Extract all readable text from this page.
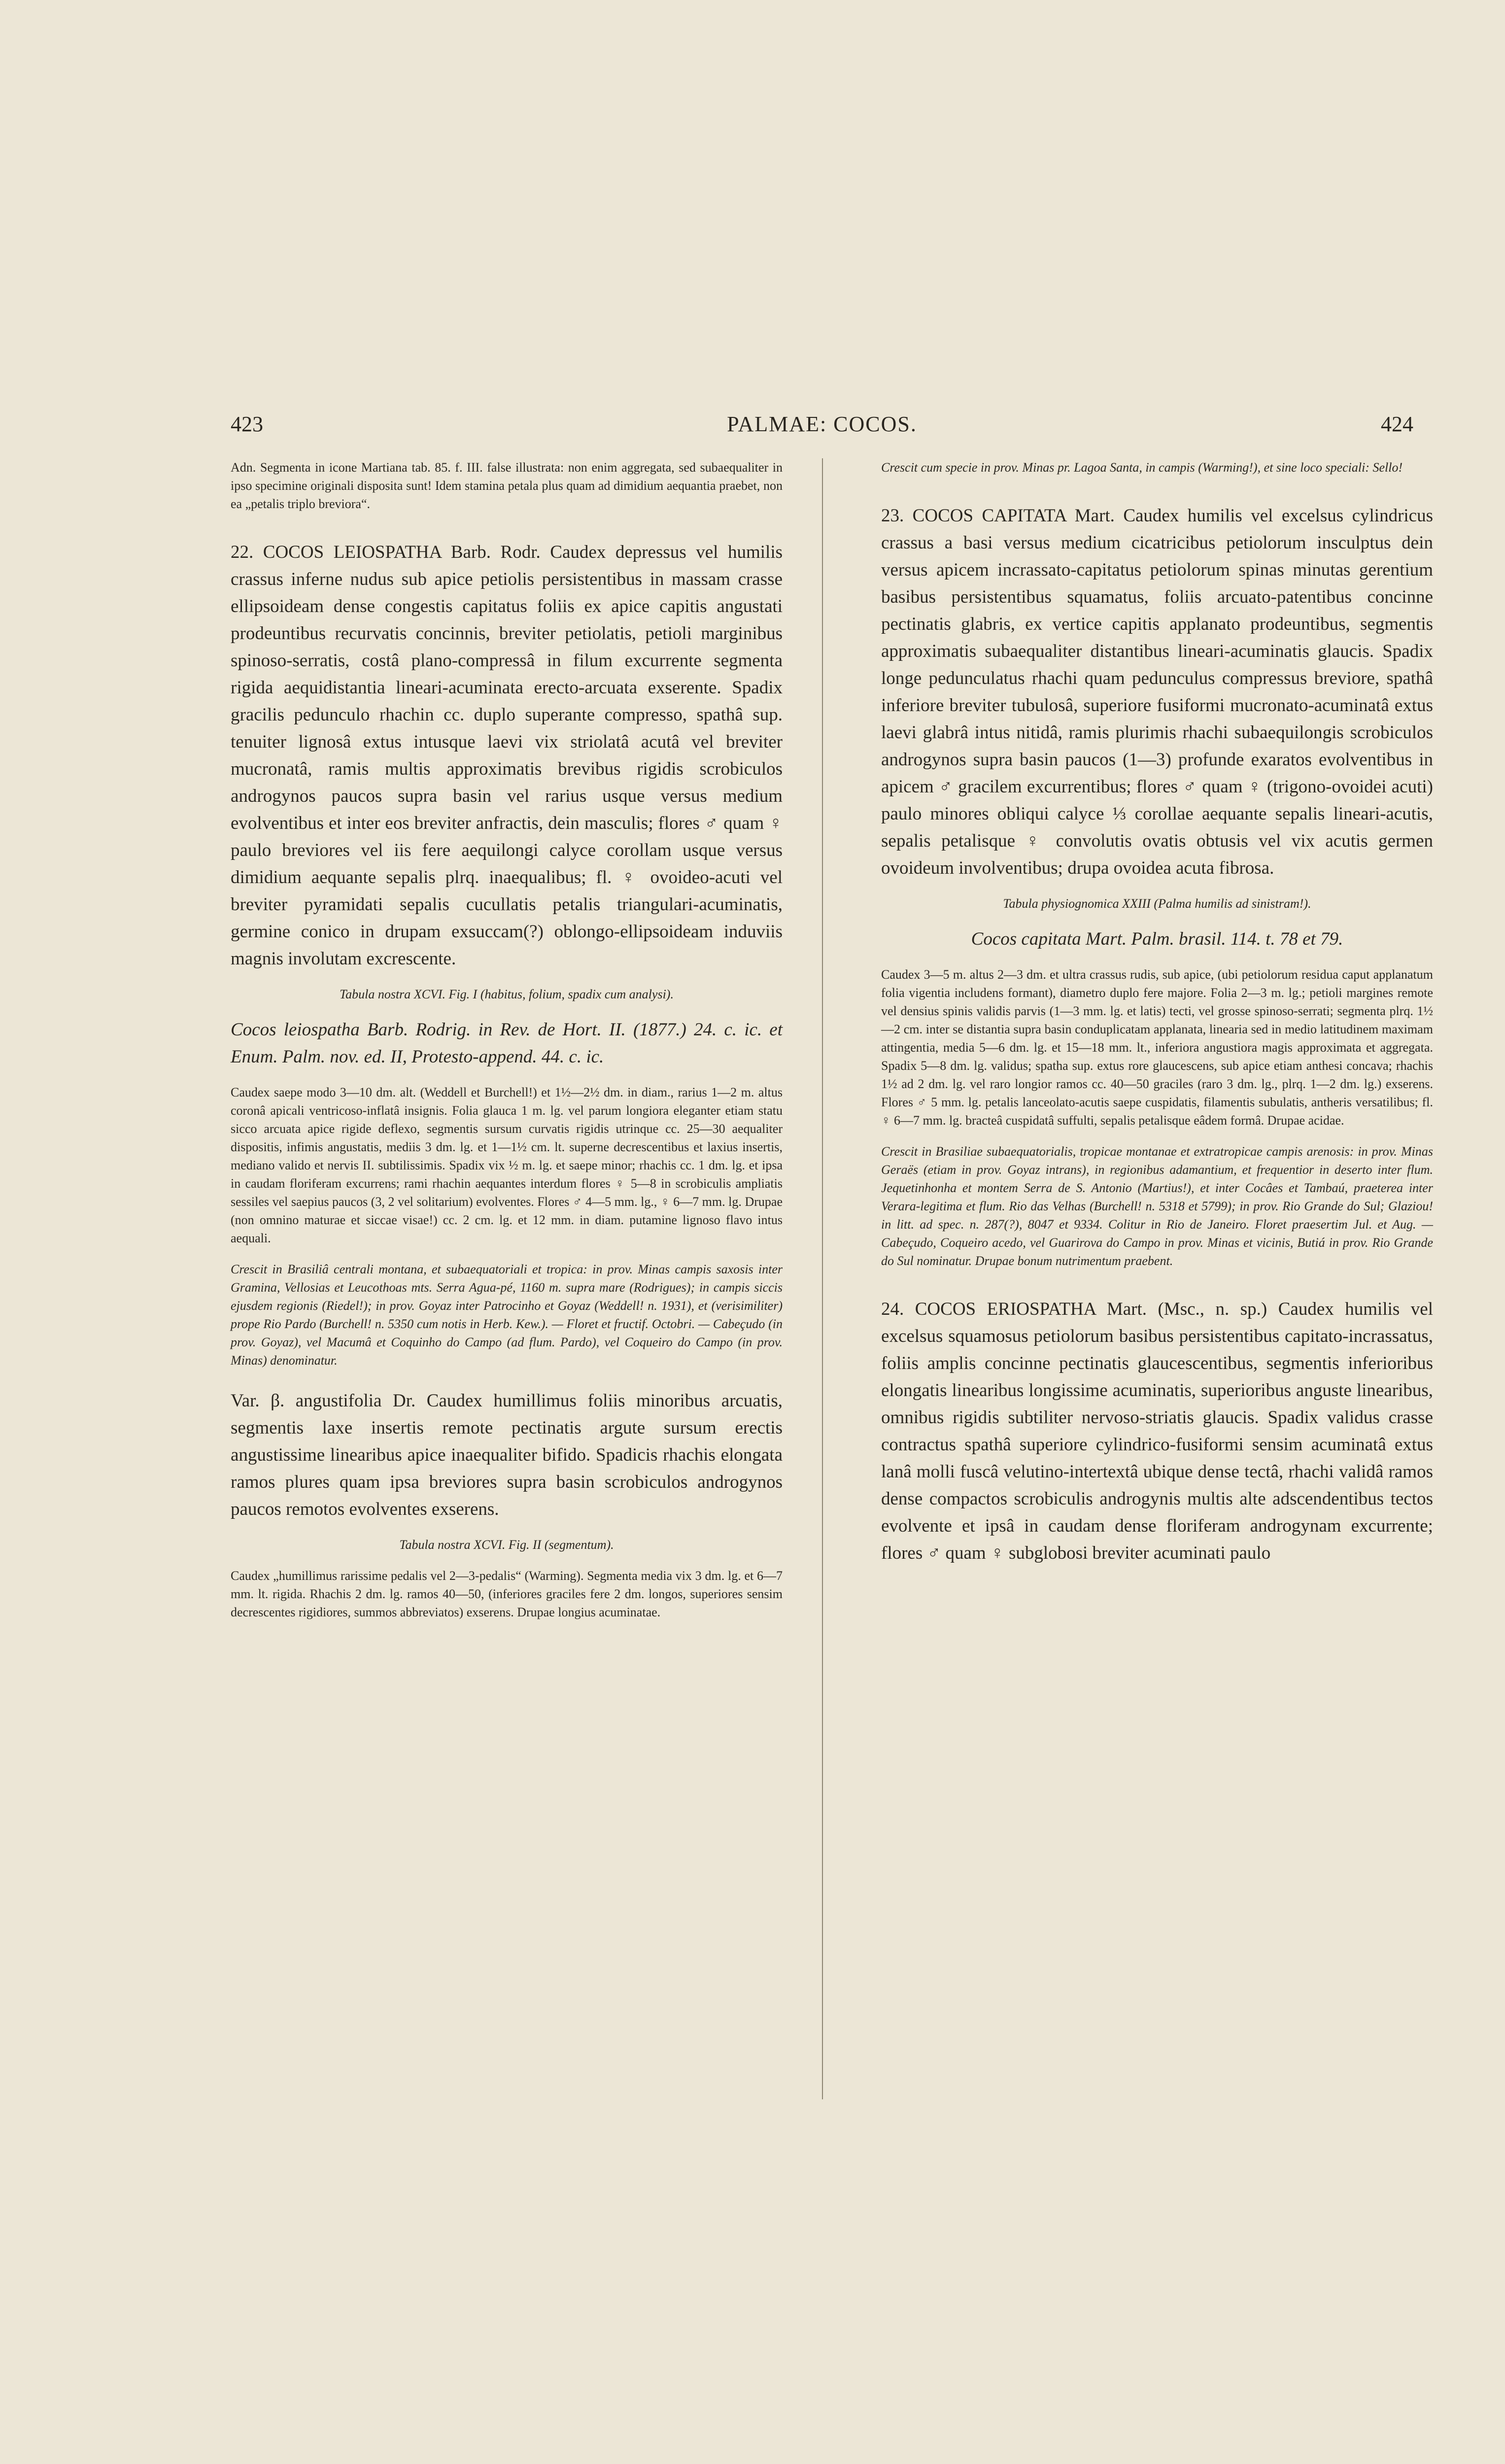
PALMAE: COCOS.
423	424

Adn. Segmenta in icone Martiana tab. 85. f. III. false illustrata: non enim aggregata, sed subaequaliter in ipso specimine originali disposita sunt! Idem stamina petala plus quam ad dimidium aequantia praebet, non ea „petalis triplo breviora“.

22. COCOS LEIOSPATHA Barb. Rodr. Caudex depressus vel humilis crassus inferne nudus sub apice petiolis persistentibus in massam crasse ellipsoideam dense congestis capitatus foliis ex apice capitis angustati prodeuntibus recurvatis concinnis, breviter petiolatis, petioli marginibus spinoso-serratis, costâ plano-compressâ in filum excurrente segmenta rigida aequidistantia lineari-acuminata erecto-arcuata exserente. Spadix gracilis pedunculo rhachin cc. duplo superante compresso, spathâ sup. tenuiter lignosâ extus intusque laevi vix striolatâ acutâ vel breviter mucronatâ, ramis multis approximatis brevibus rigidis scrobiculos androgynos paucos supra basin vel rarius usque versus medium evolventibus et inter eos breviter anfractis, dein masculis; flores ♂ quam ♀ paulo breviores vel iis fere aequilongi calyce corollam usque versus dimidium aequante sepalis plrq. inaequalibus; fl. ♀ ovoideo-acuti vel breviter pyramidati sepalis cucullatis petalis triangulari-acuminatis, germine conico in drupam exsuccam(?) oblongo-ellipsoideam induviis magnis involutam excrescente.

Tabula nostra XCVI. Fig. I (habitus, folium, spadix cum analysi).

Cocos leiospatha Barb. Rodrig. in Rev. de Hort. II. (1877.) 24. c. ic. et Enum. Palm. nov. ed. II, Protesto-append. 44. c. ic.

Caudex saepe modo 3—10 dm. alt. (Weddell et Burchell!) et 1½—2½ dm. in diam., rarius 1—2 m. altus coronâ apicali ventricoso-inflatâ insignis. Folia glauca 1 m. lg. vel parum longiora eleganter etiam statu sicco arcuata apice rigide deflexo, segmentis sursum curvatis rigidis utrinque cc. 25—30 aequaliter dispositis, infimis angustatis, mediis 3 dm. lg. et 1—1½ cm. lt. superne decrescentibus et laxius insertis, mediano valido et nervis II. subtilissimis. Spadix vix ½ m. lg. et saepe minor; rhachis cc. 1 dm. lg. et ipsa in caudam floriferam excurrens; rami rhachin aequantes interdum flores ♀ 5—8 in scrobiculis ampliatis sessiles vel saepius paucos (3, 2 vel solitarium) evolventes. Flores ♂ 4—5 mm. lg., ♀ 6—7 mm. lg. Drupae (non omnino maturae et siccae visae!) cc. 2 cm. lg. et 12 mm. in diam. putamine lignoso flavo intus aequali.

Crescit in Brasiliâ centrali montana, et subaequatoriali et tropica: in prov. Minas campis saxosis inter Gramina, Vellosias et Leucothoas mts. Serra Agua-pé, 1160 m. supra mare (Rodrigues); in campis siccis ejusdem regionis (Riedel!); in prov. Goyaz inter Patrocinho et Goyaz (Weddell! n. 1931), et (verisimiliter) prope Rio Pardo (Burchell! n. 5350 cum notis in Herb. Kew.). — Floret et fructif. Octobri. — Cabeçudo (in prov. Goyaz), vel Macumâ et Coquinho do Campo (ad flum. Pardo), vel Coqueiro do Campo (in prov. Minas) denominatur.

Var. β. angustifolia Dr. Caudex humillimus foliis minoribus arcuatis, segmentis laxe insertis remote pectinatis argute sursum erectis angustissime linearibus apice inaequaliter bifido. Spadicis rhachis elongata ramos plures quam ipsa breviores supra basin scrobiculos androgynos paucos remotos evolventes exserens.

Tabula nostra XCVI. Fig. II (segmentum).

Caudex „humillimus rarissime pedalis vel 2—3-pedalis“ (Warming). Segmenta media vix 3 dm. lg. et 6—7 mm. lt. rigida. Rhachis 2 dm. lg. ramos 40—50, (inferiores graciles fere 2 dm. longos, superiores sensim decrescentes rigidiores, summos abbreviatos) exserens. Drupae longius acuminatae.

Crescit cum specie in prov. Minas pr. Lagoa Santa, in campis (Warming!), et sine loco speciali: Sello!

23. COCOS CAPITATA Mart. Caudex humilis vel excelsus cylindricus crassus a basi versus medium cicatricibus petiolorum insculptus dein versus apicem incrassato-capitatus petiolorum spinas minutas gerentium basibus persistentibus squamatus, foliis arcuato-patentibus concinne pectinatis glabris, ex vertice capitis applanato prodeuntibus, segmentis approximatis subaequaliter distantibus lineari-acuminatis glaucis. Spadix longe pedunculatus rhachi quam pedunculus compressus breviore, spathâ inferiore breviter tubulosâ, superiore fusiformi mucronato-acuminatâ extus laevi glabrâ intus nitidâ, ramis plurimis rhachi subaequilongis scrobiculos androgynos supra basin paucos (1—3) profunde exaratos evolventibus in apicem ♂ gracilem excurrentibus; flores ♂ quam ♀ (trigono-ovoidei acuti) paulo minores obliqui calyce ⅓ corollae aequante sepalis lineari-acutis, sepalis petalisque ♀ convolutis ovatis obtusis vel vix acutis germen ovoideum involventibus; drupa ovoidea acuta fibrosa.

Tabula physiognomica XXIII (Palma humilis ad sinistram!).

Cocos capitata Mart. Palm. brasil. 114. t. 78 et 79.

Caudex 3—5 m. altus 2—3 dm. et ultra crassus rudis, sub apice, (ubi petiolorum residua caput applanatum folia vigentia includens formant), diametro duplo fere majore. Folia 2—3 m. lg.; petioli margines remote vel densius spinis validis parvis (1—3 mm. lg. et latis) tecti, vel grosse spinoso-serrati; segmenta plrq. 1½—2 cm. inter se distantia supra basin conduplicatam applanata, linearia sed in medio latitudinem maximam attingentia, media 5—6 dm. lg. et 15—18 mm. lt., inferiora angustiora magis approximata et aggregata. Spadix 5—8 dm. lg. validus; spatha sup. extus rore glaucescens, sub apice etiam anthesi concava; rhachis 1½ ad 2 dm. lg. vel raro longior ramos cc. 40—50 graciles (raro 3 dm. lg., plrq. 1—2 dm. lg.) exserens. Flores ♂ 5 mm. lg. petalis lanceolato-acutis saepe cuspidatis, filamentis subulatis, antheris versatilibus; fl. ♀ 6—7 mm. lg. bracteâ cuspidatâ suffulti, sepalis petalisque eâdem formâ. Drupae acidae.

Crescit in Brasiliae subaequatorialis, tropicae montanae et extratropicae campis arenosis: in prov. Minas Geraës (etiam in prov. Goyaz intrans), in regionibus adamantium, et frequentior in deserto inter flum. Jequetinhonha et montem Serra de S. Antonio (Martius!), et inter Cocâes et Tambaú, praeterea inter Verara-legitima et flum. Rio das Velhas (Burchell! n. 5318 et 5799); in prov. Rio Grande do Sul; Glaziou! in litt. ad spec. n. 287(?), 8047 et 9334. Colitur in Rio de Janeiro. Floret praesertim Jul. et Aug. — Cabeçudo, Coqueiro acedo, vel Guarirova do Campo in prov. Minas et vicinis, Butiá in prov. Rio Grande do Sul nominatur. Drupae bonum nutrimentum praebent.

24. COCOS ERIOSPATHA Mart. (Msc., n. sp.) Caudex humilis vel excelsus squamosus petiolorum basibus persistentibus capitato-incrassatus, foliis amplis concinne pectinatis glaucescentibus, segmentis inferioribus elongatis linearibus longissime acuminatis, superioribus anguste linearibus, omnibus rigidis subtiliter nervoso-striatis glaucis. Spadix validus crasse contractus spathâ superiore cylindrico-fusiformi sensim acuminatâ extus lanâ molli fuscâ velutino-intertextâ ubique dense tectâ, rhachi validâ ramos dense compactos scrobiculis androgynis multis alte adscendentibus tectos evolvente et ipsâ in caudam dense floriferam androgynam excurrente; flores ♂ quam ♀ subglobosi breviter acuminati paulo
